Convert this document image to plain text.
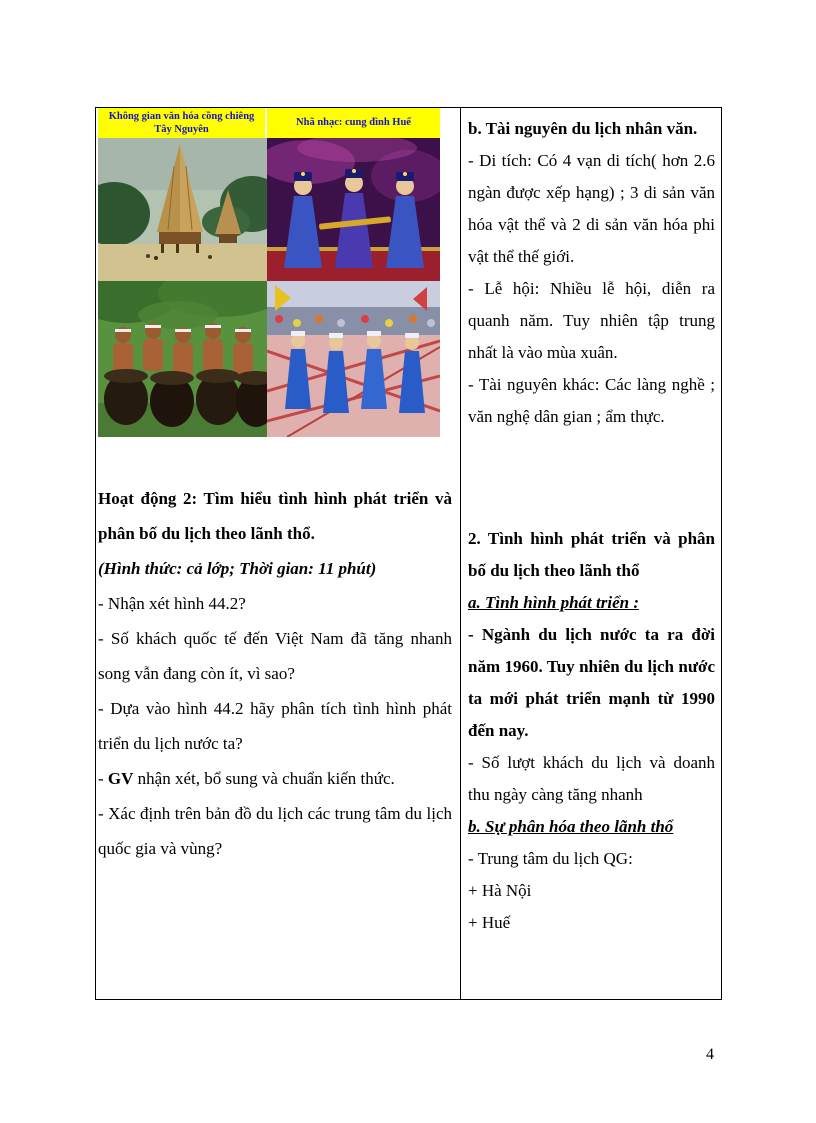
Không gian văn hóa cồng chiêng Tây Nguyên
Nhã nhạc: cung đình Huế

Hoạt động 2: Tìm hiểu tình hình phát triển và phân bố du lịch theo lãnh thổ.

(Hình thức: cả lớp; Thời gian: 11 phút)

- Nhận xét hình 44.2?

- Số khách quốc tế đến Việt Nam đã tăng nhanh song vẫn đang còn ít, vì sao?

- Dựa vào hình 44.2 hãy phân tích tình hình phát triển du lịch nước ta?

- GV nhận xét, bổ sung và chuẩn kiến thức.

- Xác định trên bản đồ du lịch các trung tâm du lịch quốc gia và vùng?

b. Tài nguyên du lịch nhân văn.

- Di tích: Có 4 vạn di tích( hơn 2.6 ngàn được xếp hạng) ; 3 di sản văn hóa vật thể và 2 di sản văn hóa phi vật thể thế giới.

- Lễ hội: Nhiều lễ hội, diễn ra quanh năm. Tuy nhiên tập trung nhất là vào mùa xuân.

- Tài nguyên khác: Các làng nghề ; văn nghệ dân gian ; ẩm thực.

2. Tình hình phát triển và phân bố du lịch theo lãnh thổ

a. Tình hình phát triển :

- Ngành du lịch nước ta ra đời năm 1960. Tuy nhiên du lịch nước ta mới phát triển mạnh từ 1990 đến nay.

- Số lượt khách du lịch và doanh thu ngày càng tăng nhanh

b. Sự phân hóa theo lãnh thổ

- Trung tâm du lịch QG:

+ Hà Nội

+ Huế

4
